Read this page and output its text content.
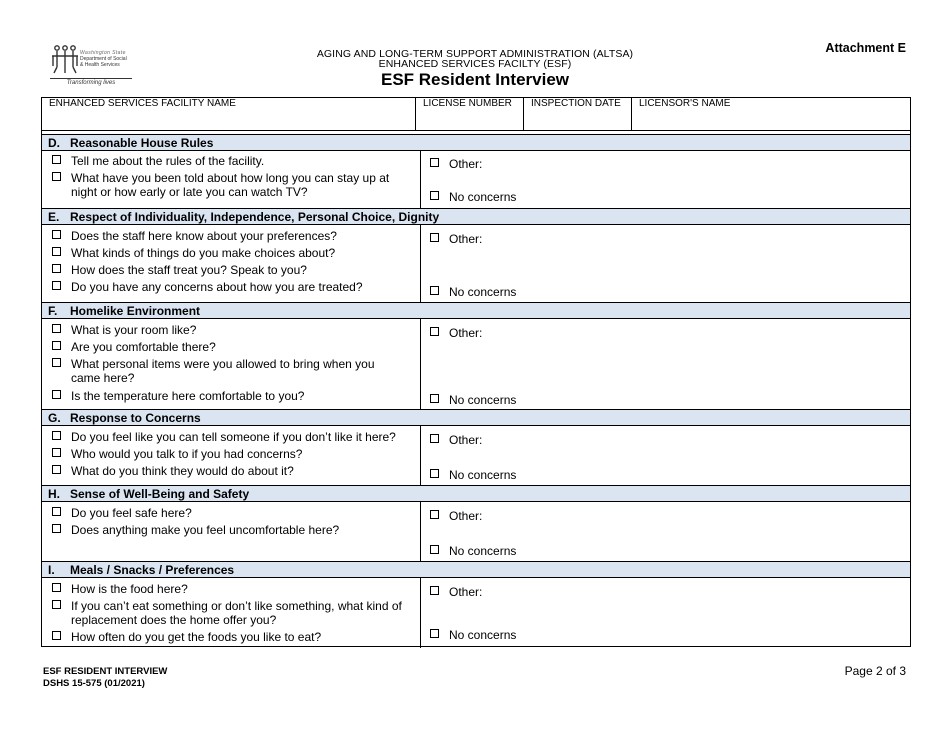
Washington State
Department of Social
& Health Services
Transforming lives
AGING AND LONG-TERM SUPPORT ADMINISTRATION (ALTSA)
ENHANCED SERVICES FACILTY (ESF)
ESF Resident Interview
Attachment E
ENHANCED SERVICES FACILITY NAME	LICENSE NUMBER	INSPECTION DATE	LICENSOR'S NAME
D. Reasonable House Rules
Tell me about the rules of the facility.
What have you been told about how long you can stay up at night or how early or late you can watch TV?
Other:
No concerns
E. Respect of Individuality, Independence, Personal Choice, Dignity
Does the staff here know about your preferences?
What kinds of things do you make choices about?
How does the staff treat you? Speak to you?
Do you have any concerns about how you are treated?
Other:
No concerns
F. Homelike Environment
What is your room like?
Are you comfortable there?
What personal items were you allowed to bring when you came here?
Is the temperature here comfortable to you?
Other:
No concerns
G. Response to Concerns
Do you feel like you can tell someone if you don’t like it here?
Who would you talk to if you had concerns?
What do you think they would do about it?
Other:
No concerns
H. Sense of Well-Being and Safety
Do you feel safe here?
Does anything make you feel uncomfortable here?
Other:
No concerns
I. Meals / Snacks / Preferences
How is the food here?
If you can’t eat something or don’t like something, what kind of replacement does the home offer you?
How often do you get the foods you like to eat?
Other:
No concerns
ESF RESIDENT INTERVIEW
DSHS 15-575 (01/2021)
Page 2 of 3
